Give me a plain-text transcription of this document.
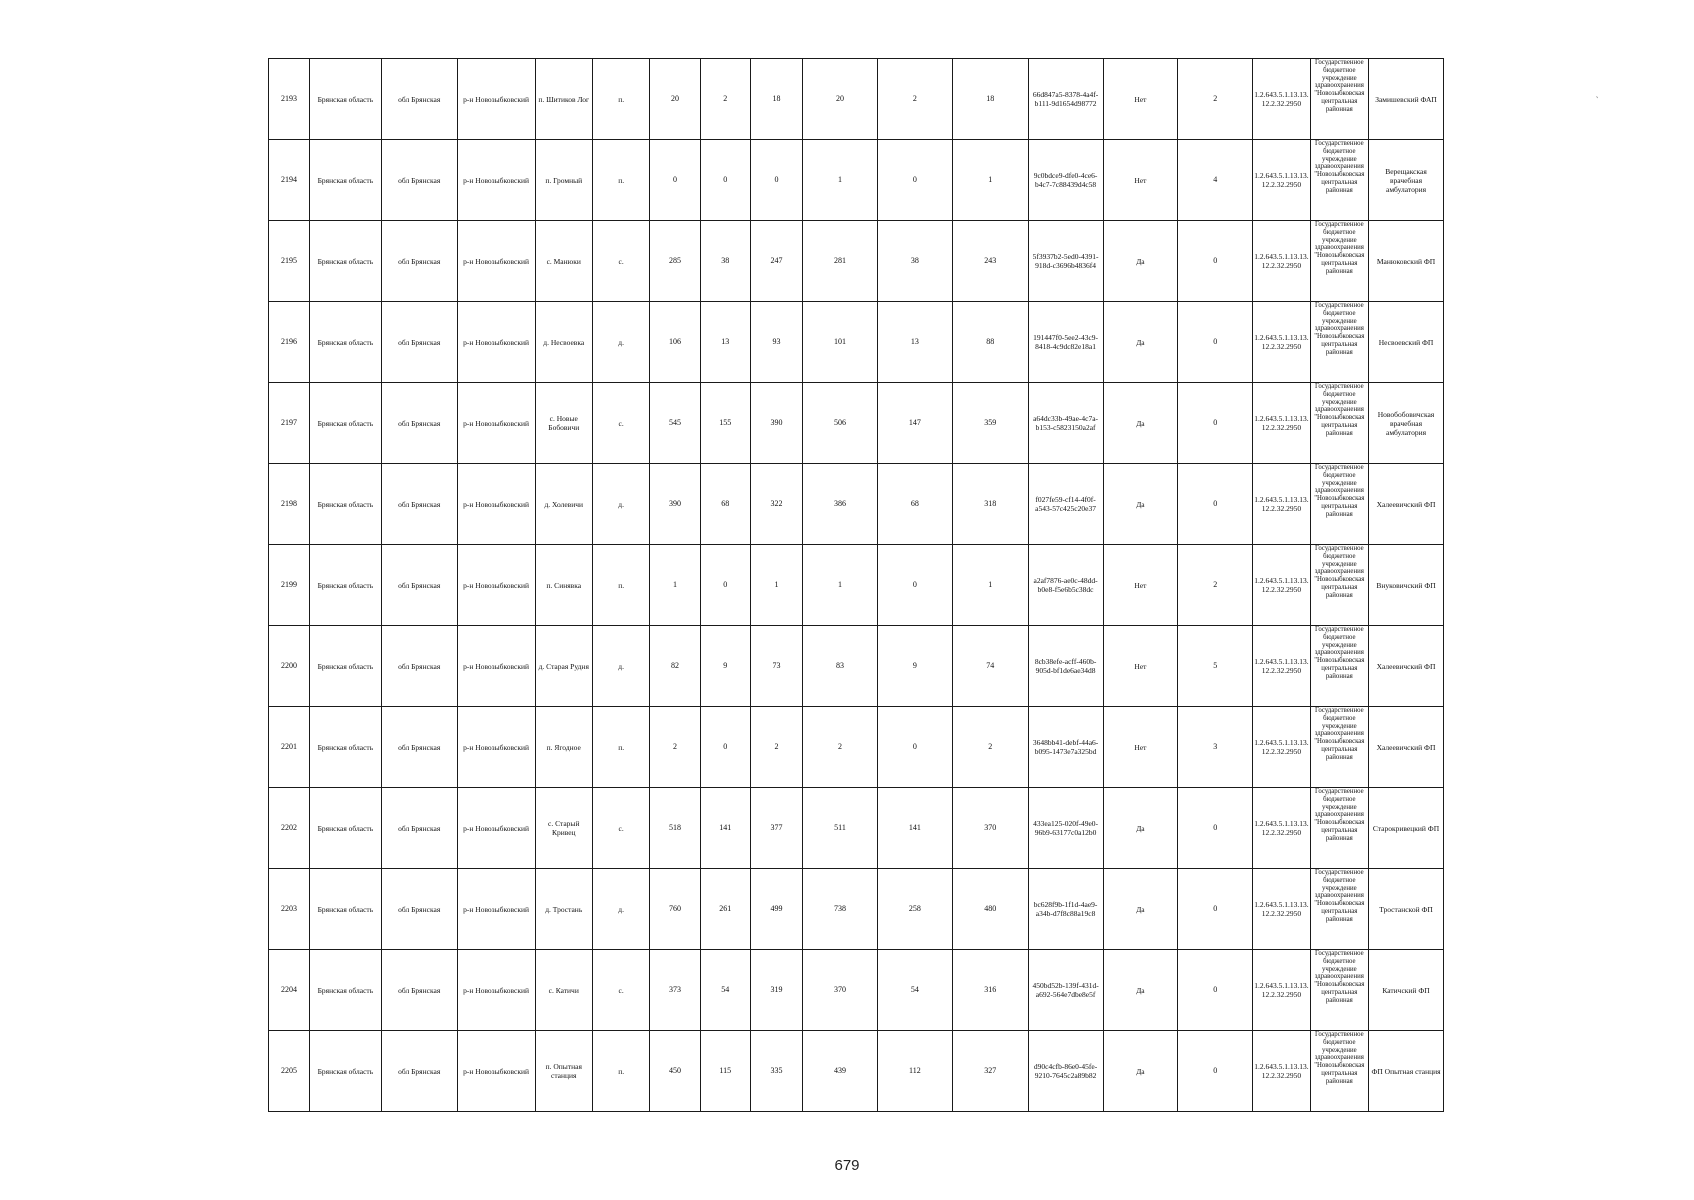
2193	Брянская область	обл Брянская	р-н Новозыбковский	п. Шитиков Лог	п.	20	2	18	20	2	18	66d847a5-8378-4a4f-b111-9d1654d98772	Нет	2	1.2.643.5.1.13.13.12.2.32.2950	Государственное бюджетное учреждение здравоохранения "Новозыбковская центральная районная	Замишевский ФАП
2194	Брянская область	обл Брянская	р-н Новозыбковский	п. Громный	п.	0	0	0	1	0	1	9c0bdce9-dfe0-4ce6-b4c7-7c88439d4c58	Нет	4	1.2.643.5.1.13.13.12.2.32.2950	Государственное бюджетное учреждение здравоохранения "Новозыбковская центральная районная	Верещакская врачебная амбулатория
2195	Брянская область	обл Брянская	р-н Новозыбковский	с. Манюки	с.	285	38	247	281	38	243	5f3937b2-5ed0-4391-918d-c3696b4836f4	Да	0	1.2.643.5.1.13.13.12.2.32.2950	Государственное бюджетное учреждение здравоохранения "Новозыбковская центральная районная	Манюковский ФП
2196	Брянская область	обл Брянская	р-н Новозыбковский	д. Несвоевка	д.	106	13	93	101	13	88	191447f0-5ee2-43c9-8418-4c9dc82e18a1	Да	0	1.2.643.5.1.13.13.12.2.32.2950	Государственное бюджетное учреждение здравоохранения "Новозыбковская центральная районная	Несвоевский ФП
2197	Брянская область	обл Брянская	р-н Новозыбковский	с. Новые Бобовичи	с.	545	155	390	506	147	359	a64dc33b-49ae-4c7a-b153-c5823150a2af	Да	0	1.2.643.5.1.13.13.12.2.32.2950	Государственное бюджетное учреждение здравоохранения "Новозыбковская центральная районная	Новобобовичская врачебная амбулатория
2198	Брянская область	обл Брянская	р-н Новозыбковский	д. Холевичи	д.	390	68	322	386	68	318	f027fe59-cf14-4f0f-a543-57c425c20e37	Да	0	1.2.643.5.1.13.13.12.2.32.2950	Государственное бюджетное учреждение здравоохранения "Новозыбковская центральная районная	Халеевичский ФП
2199	Брянская область	обл Брянская	р-н Новозыбковский	п. Синявка	п.	1	0	1	1	0	1	a2af7876-ae0c-48dd-b0e8-f5e6b5c38dc	Нет	2	1.2.643.5.1.13.13.12.2.32.2950	Государственное бюджетное учреждение здравоохранения "Новозыбковская центральная районная	Внуковичский ФП
2200	Брянская область	обл Брянская	р-н Новозыбковский	д. Старая Рудня	д.	82	9	73	83	9	74	8cb38efe-acff-460b-905d-bf1de6ae34d8	Нет	5	1.2.643.5.1.13.13.12.2.32.2950	Государственное бюджетное учреждение здравоохранения "Новозыбковская центральная районная	Халеевичский ФП
2201	Брянская область	обл Брянская	р-н Новозыбковский	п. Ягодное	п.	2	0	2	2	0	2	3648bb41-debf-44a6-b095-1473e7a325bd	Нет	3	1.2.643.5.1.13.13.12.2.32.2950	Государственное бюджетное учреждение здравоохранения "Новозыбковская центральная районная	Халеевичский ФП
2202	Брянская область	обл Брянская	р-н Новозыбковский	с. Старый Кривец	с.	518	141	377	511	141	370	433ea125-020f-49e0-96b9-63177c0a12b0	Да	0	1.2.643.5.1.13.13.12.2.32.2950	Государственное бюджетное учреждение здравоохранения "Новозыбковская центральная районная	Старокривецкий ФП
2203	Брянская область	обл Брянская	р-н Новозыбковский	д. Тростань	д.	760	261	499	738	258	480	bc628f9b-1f1d-4ae9-a34b-d7f8c88a19c8	Да	0	1.2.643.5.1.13.13.12.2.32.2950	Государственное бюджетное учреждение здравоохранения "Новозыбковская центральная районная	Тростанской ФП
2204	Брянская область	обл Брянская	р-н Новозыбковский	с. Катичи	с.	373	54	319	370	54	316	450bd52b-139f-431d-a692-564e7dbe8e5f	Да	0	1.2.643.5.1.13.13.12.2.32.2950	Государственное бюджетное учреждение здравоохранения "Новозыбковская центральная районная	Катичский ФП
2205	Брянская область	обл Брянская	р-н Новозыбковский	п. Опытная станция	п.	450	115	335	439	112	327	d90c4cfb-86e0-45fe-9210-7645c2a89b82	Да	0	1.2.643.5.1.13.13.12.2.32.2950	Государственное бюджетное учреждение здравоохранения "Новозыбковская центральная районная	ФП Опытная станция
‵
679
